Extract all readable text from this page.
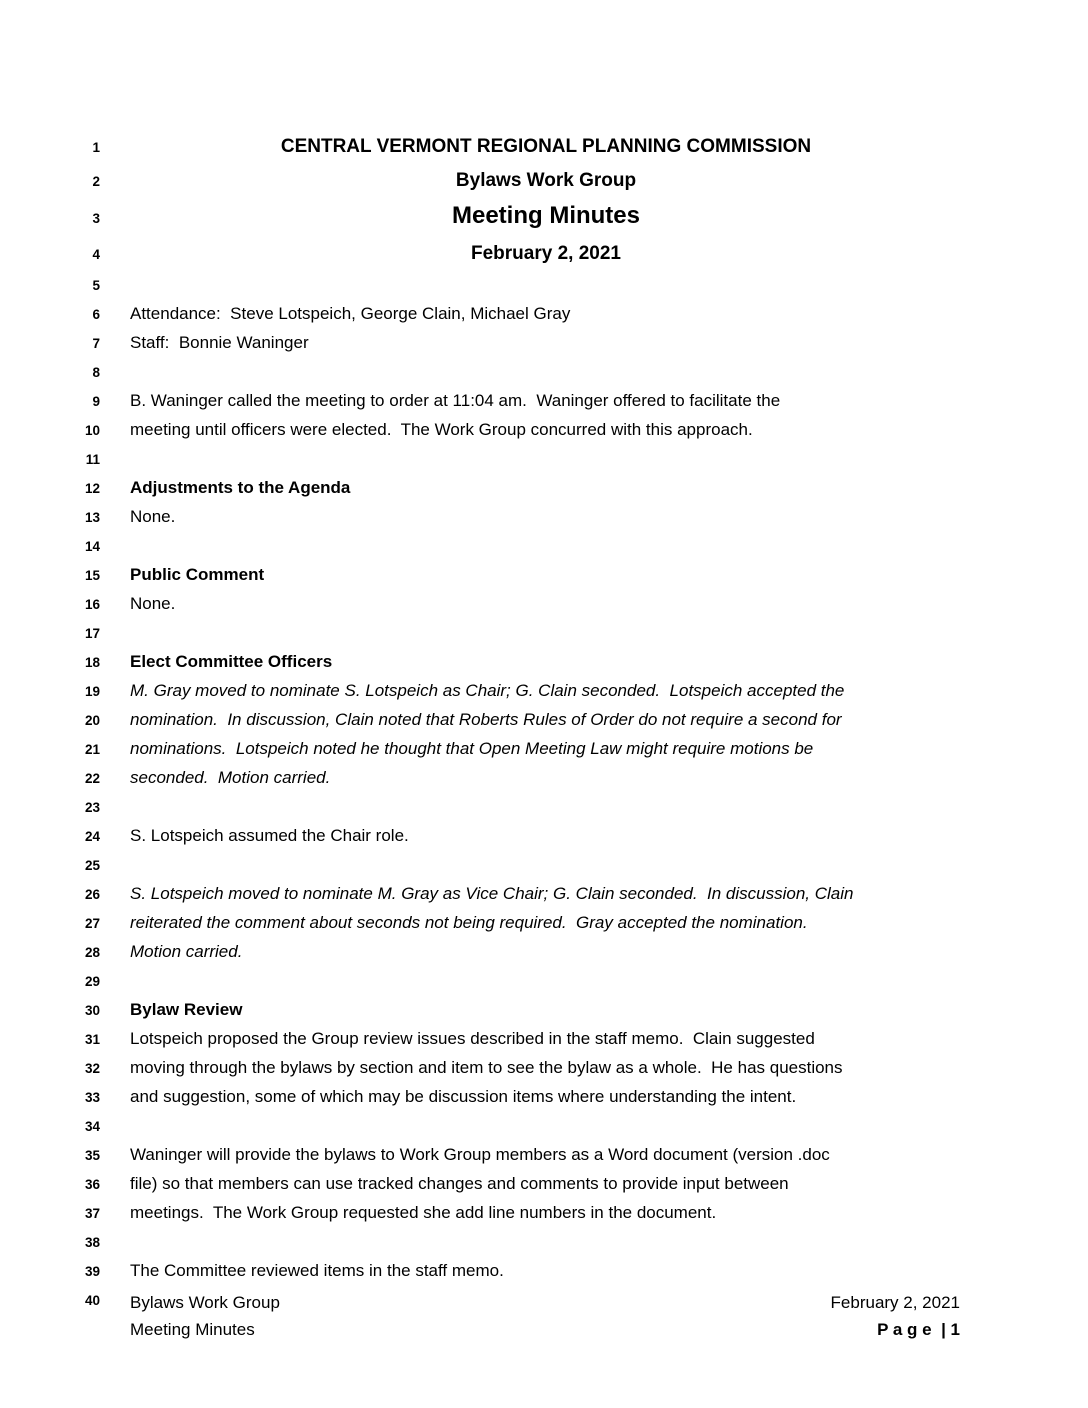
1	CENTRAL VERMONT REGIONAL PLANNING COMMISSION
2	Bylaws Work Group
3	Meeting Minutes
4	February 2, 2021
5
6 Attendance:  Steve Lotspeich, George Clain, Michael Gray
7 Staff:  Bonnie Waninger
8
9 B. Waninger called the meeting to order at 11:04 am.  Waninger offered to facilitate the
10 meeting until officers were elected.  The Work Group concurred with this approach.
11
12 Adjustments to the Agenda
13 None.
14
15 Public Comment
16 None.
17
18 Elect Committee Officers
19 M. Gray moved to nominate S. Lotspeich as Chair; G. Clain seconded.  Lotspeich accepted the
20 nomination.  In discussion, Clain noted that Roberts Rules of Order do not require a second for
21 nominations.  Lotspeich noted he thought that Open Meeting Law might require motions be
22 seconded.  Motion carried.
23
24 S. Lotspeich assumed the Chair role.
25
26 S. Lotspeich moved to nominate M. Gray as Vice Chair; G. Clain seconded.  In discussion, Clain
27 reiterated the comment about seconds not being required.  Gray accepted the nomination.
28 Motion carried.
29
30 Bylaw Review
31 Lotspeich proposed the Group review issues described in the staff memo.  Clain suggested
32 moving through the bylaws by section and item to see the bylaw as a whole.  He has questions
33 and suggestion, some of which may be discussion items where understanding the intent.
34
35 Waninger will provide the bylaws to Work Group members as a Word document (version .doc
36 file) so that members can use tracked changes and comments to provide input between
37 meetings.  The Work Group requested she add line numbers in the document.
38
39 The Committee reviewed items in the staff memo.
40 Bylaws Work Group
Meeting Minutes
February 2, 2021
P a g e  | 1
